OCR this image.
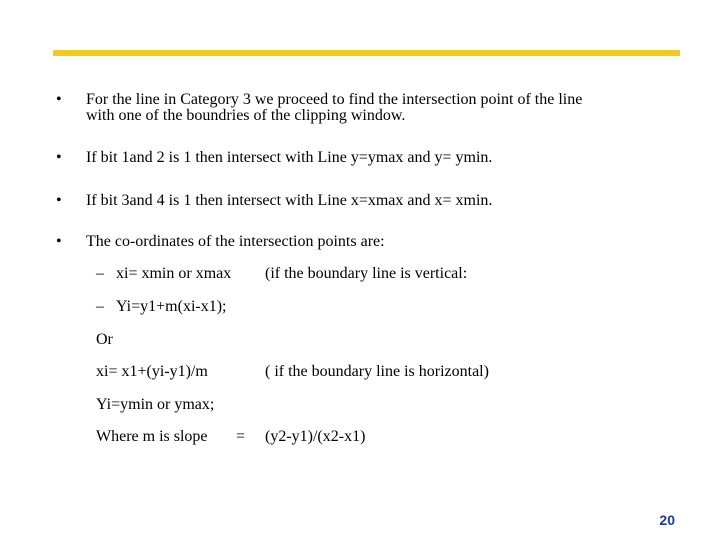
• For the line in Category 3 we proceed to find the intersection point of the line
with one of the boundries of the clipping window.
• If bit 1and 2 is 1 then intersect with Line y=ymax and y= ymin.
• If bit 3and 4 is 1 then intersect with Line x=xmax and x= xmin.
• The co-ordinates of the intersection points are:
– xi= xmin or xmax (if the boundary line is vertical:
– Yi=y1+m(xi-x1);
Or
xi= x1+(yi-y1)/m	( if the boundary line is horizontal)
Yi=ymin or ymax;
Where m is slope = (y2-y1)/(x2-x1)
20
